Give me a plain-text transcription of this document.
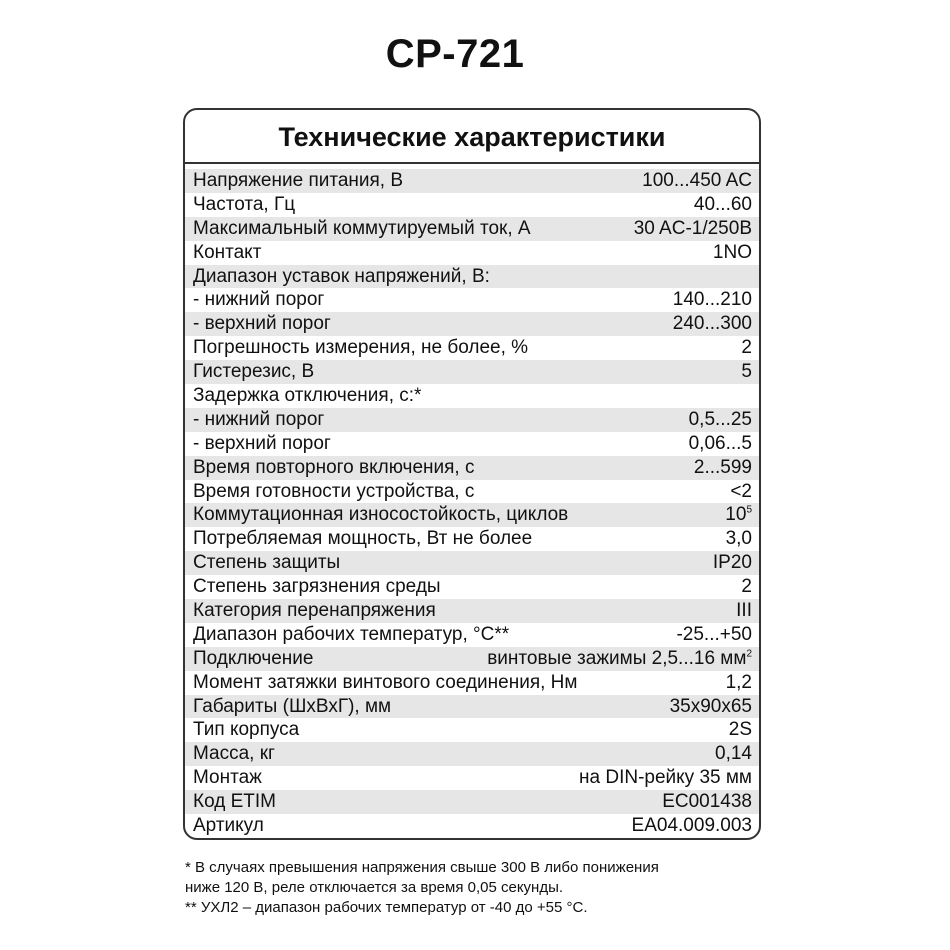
CP-721
Технические характеристики
Напряжение питания, В	100...450 AC
Частота, Гц	40...60
Максимальный коммутируемый ток, А	30 AC-1/250B
Контакт	1NO
Диапазон уставок напряжений, В:
- нижний порог	140...210
- верхний порог	240...300
Погрешность измерения, не более, %	2
Гистерезис, В	5
Задержка отключения, с:*
- нижний порог	0,5...25
- верхний порог	0,06...5
Время повторного включения, с	2...599
Время готовности устройства, с	<2
Коммутационная износостойкость, циклов	$10^5$
Потребляемая мощность, Вт не более	3,0
Степень защиты	IP20
Степень загрязнения среды	2
Категория перенапряжения	III
Диапазон рабочих температур, °С**	-25...+50
Подключение	винтовые зажимы 2,5...16 $мм^2$
Момент затяжки винтового соединения, Нм	1,2
Габариты (ШхВхГ), мм	35х90х65
Тип корпуса	2S
Масса, кг	0,14
Монтаж	на DIN-рейку 35 мм
Код ETIM	EC001438
Артикул	EA04.009.003
* В случаях превышения напряжения свыше 300 В либо понижения
ниже 120 В, реле отключается за время 0,05 секунды.
** УХЛ2 – диапазон рабочих температур от -40 до +55 °С.
